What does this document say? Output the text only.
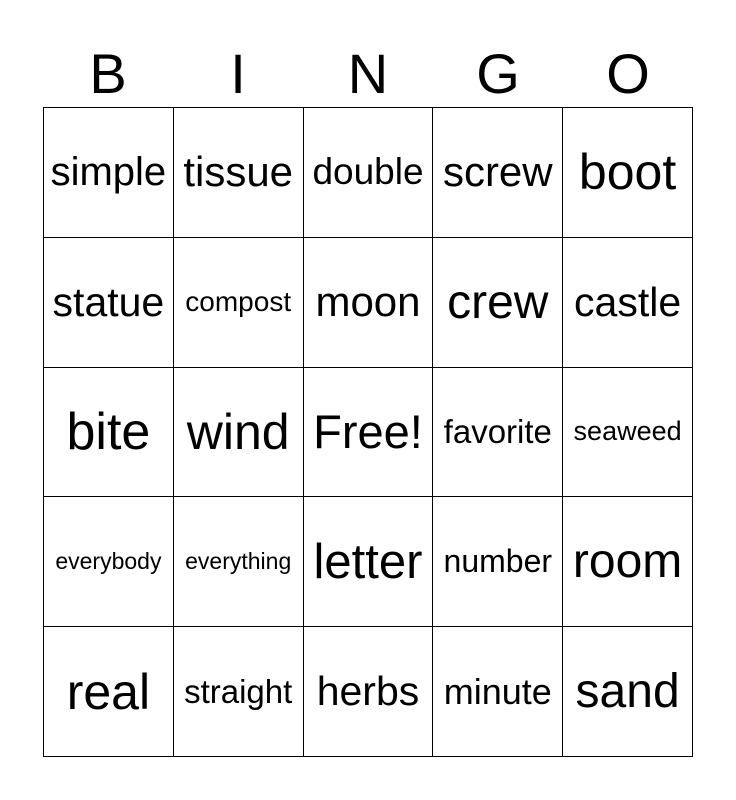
B	I	N	G	O
simple tissue double screw boot
statue compost moon crew castle
bite wind Free! favorite seaweed
everybody everything letter number room
real straight herbs minute sand
